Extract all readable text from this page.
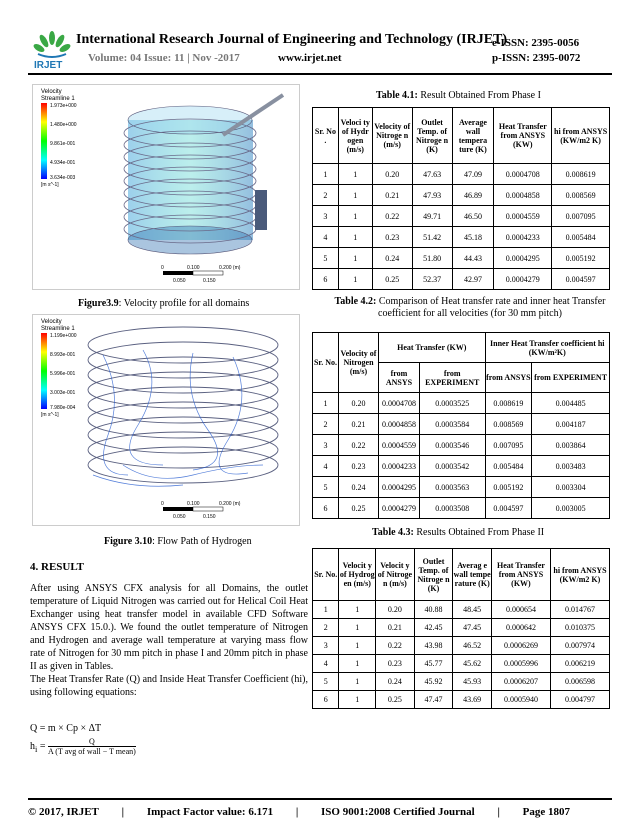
IRJET
International Research Journal of Engineering and Technology (IRJET)
e-ISSN: 2395-0056
Volume: 04 Issue: 11 | Nov -2017	www.irjet.net	p-ISSN: 2395-0072
Velocity
Streamline 1
1.973e+000
1.480e+000
9.861e-001
4.934e-001
3.634e-003
[m s^-1]
0	0.100	0.200 (m)
0.050	0.150
Figure3.9: Velocity profile for all domains
Velocity
Streamline 1
1.199e+000
8.993e-001
5.996e-001
3.003e-001
7.980e-004
[m s^-1]
0	0.100	0.200 (m)
0.050	0.150
Figure 3.10: Flow Path of Hydrogen
4. RESULT

After using ANSYS CFX analysis for all Domains, the outlet temperature of Liquid Nitrogen was carried out for Helical Coil Heat Exchanger using heat transfer model in available CFD Software ANSYS CFX 15.0.). We found the outlet temperature of Nitrogen and Hydrogen and average wall temperature at varying mass flow rate of Nitrogen for 30 mm pitch in phase I and 20mm pitch in phase II as given in Tables.

The Heat Transfer Rate (Q) and Inside Heat Transfer Coefficient (hi), using following equations:

Q = m × Cp × ΔT
$h_i = \frac{Q}{\text{A (T avg of wall − T mean)}}$
Table 4.1: Result Obtained From Phase I
Sr. No .	Veloci ty of Hydr ogen (m/s)	Velocity of Nitroge n (m/s)	Outlet Temp. of Nitroge n (K)	Average wall tempera ture (K)	Heat Transfer from ANSYS (KW)	hi from ANSYS (KW/m2 K)
1	1	0.20	47.63	47.09	0.0004708	0.008619
2	1	0.21	47.93	46.89	0.0004858	0.008569
3	1	0.22	49.71	46.50	0.0004559	0.007095
4	1	0.23	51.42	45.18	0.0004233	0.005484
5	1	0.24	51.80	44.43	0.0004295	0.005192
6	1	0.25	52.37	42.97	0.0004279	0.004597
Table 4.2: Comparison of Heat transfer rate and inner heat Transfer coefficient for all velocities (for 30 mm pitch)
Sr. No.	Velocity of Nitrogen (m/s)	Heat Transfer (KW)		Inner Heat Transfer coefficient hi (KW/m²K)	
		from ANSYS	from EXPERIMENT	from ANSYS	from EXPERIMENT
1	0.20	0.0004708	0.0003525	0.008619	0.004485
2	0.21	0.0004858	0.0003584	0.008569	0.004187
3	0.22	0.0004559	0.0003546	0.007095	0.003864
4	0.23	0.0004233	0.0003542	0.005484	0.003483
5	0.24	0.0004295	0.0003563	0.005192	0.003304
6	0.25	0.0004279	0.0003508	0.004597	0.003005
Table 4.3: Results Obtained From Phase II
Sr. No.	Velocit y of Hydrog en (m/s)	Velocit y of Nitroge n (m/s)	Outlet Temp. of Nitroge n (K)	Averag e wall tempe rature (K)	Heat Transfer from ANSYS (KW)	hi from ANSYS (KW/m2 K)
1	1	0.20	40.88	48.45	0.000654	0.014767
2	1	0.21	42.45	47.45	0.000642	0.010375
3	1	0.22	43.98	46.52	0.0006269	0.007974
4	1	0.23	45.77	45.62	0.0005996	0.006219
5	1	0.24	45.92	45.93	0.0006207	0.006598
6	1	0.25	47.47	43.69	0.0005940	0.004797
© 2017, IRJET | Impact Factor value: 6.171 | ISO 9001:2008 Certified Journal | Page 1807
